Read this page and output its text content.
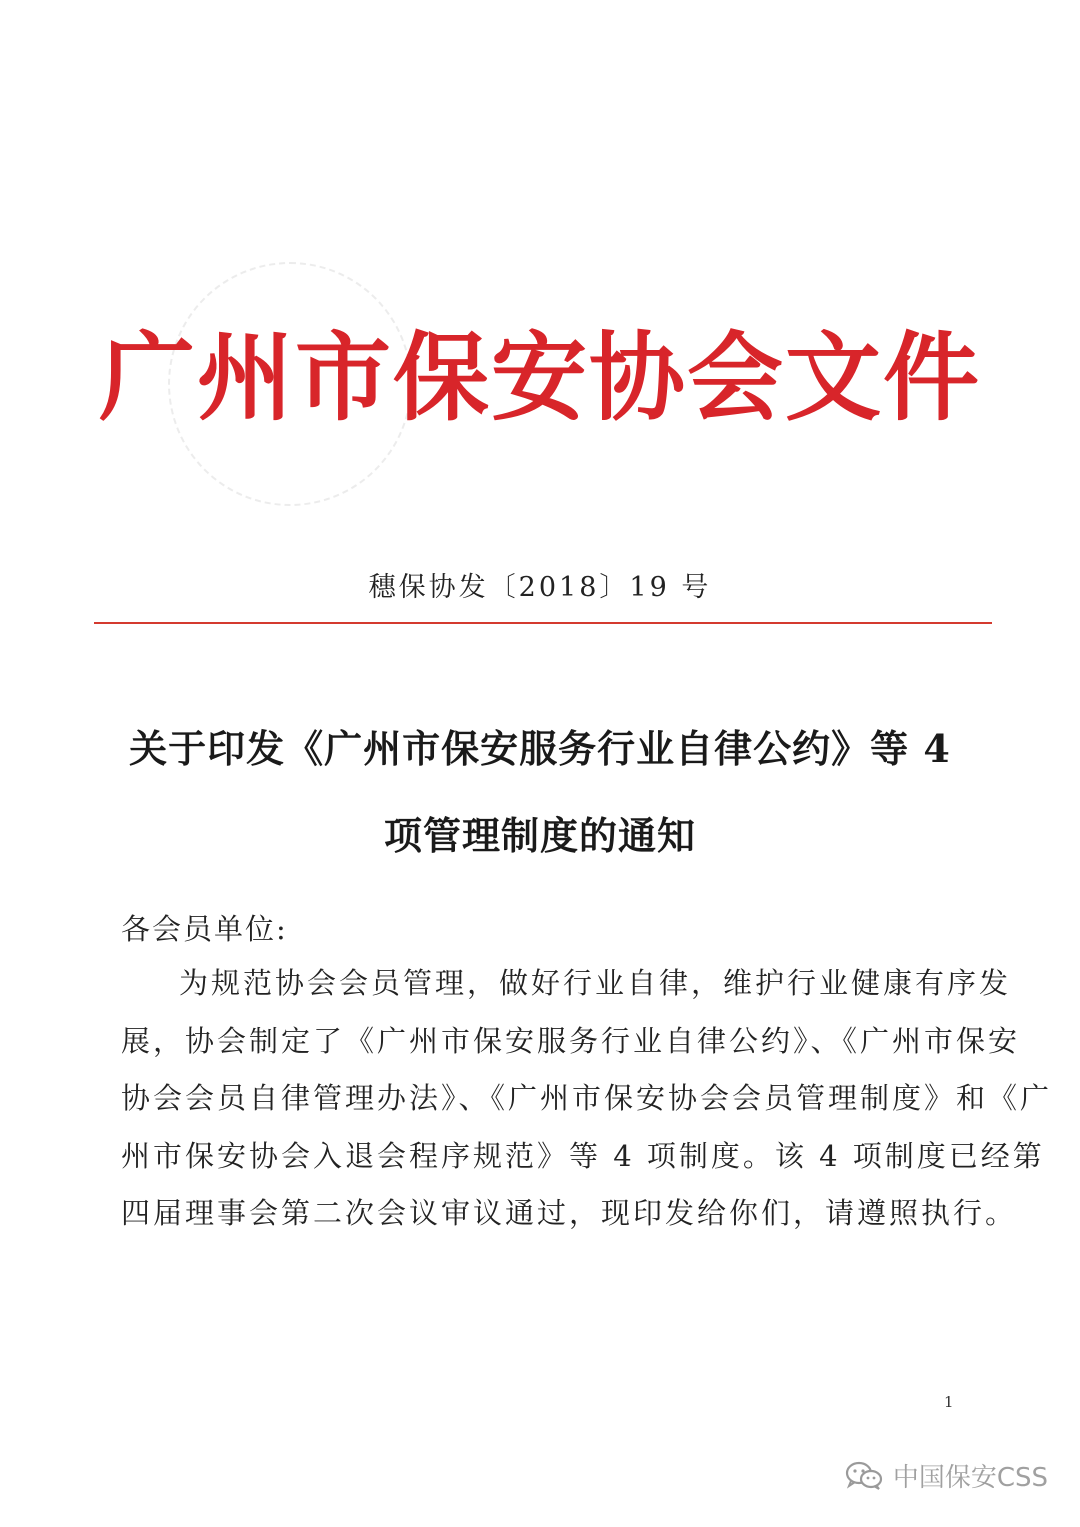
广州市保安协会文件
穗保协发〔2018〕19 号
关于印发《广州市保安服务行业自律公约》等 4
项管理制度的通知
各会员单位:
为规范协会会员管理，做好行业自律，维护行业健康有序发
展，协会制定了《广州市保安服务行业自律公约》、《广州市保安
协会会员自律管理办法》、《广州市保安协会会员管理制度》和《广
州市保安协会入退会程序规范》等 4 项制度。该 4 项制度已经第
四届理事会第二次会议审议通过，现印发给你们，请遵照执行。
1
中国保安CSS
